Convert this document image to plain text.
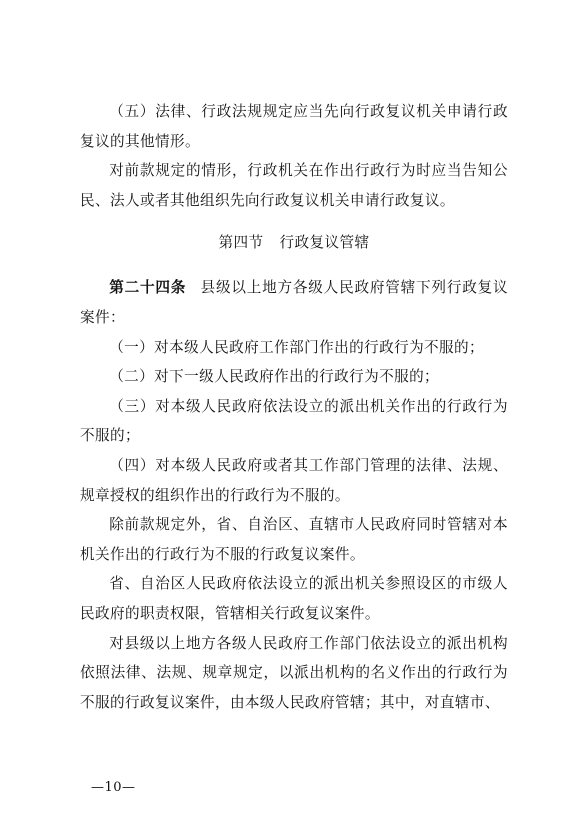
（五）法律、行政法规规定应当先向行政复议机关申请行政复议的其他情形。

对前款规定的情形，行政机关在作出行政行为时应当告知公民、法人或者其他组织先向行政复议机关申请行政复议。

第四节 行政复议管辖

第二十四条 县级以上地方各级人民政府管辖下列行政复议案件：

（一）对本级人民政府工作部门作出的行政行为不服的；

（二）对下一级人民政府作出的行政行为不服的；

（三）对本级人民政府依法设立的派出机关作出的行政行为不服的；

（四）对本级人民政府或者其工作部门管理的法律、法规、规章授权的组织作出的行政行为不服的。

除前款规定外，省、自治区、直辖市人民政府同时管辖对本机关作出的行政行为不服的行政复议案件。

省、自治区人民政府依法设立的派出机关参照设区的市级人民政府的职责权限，管辖相关行政复议案件。

对县级以上地方各级人民政府工作部门依法设立的派出机构依照法律、法规、规章规定，以派出机构的名义作出的行政行为不服的行政复议案件，由本级人民政府管辖；其中，对直辖市、

—10—
